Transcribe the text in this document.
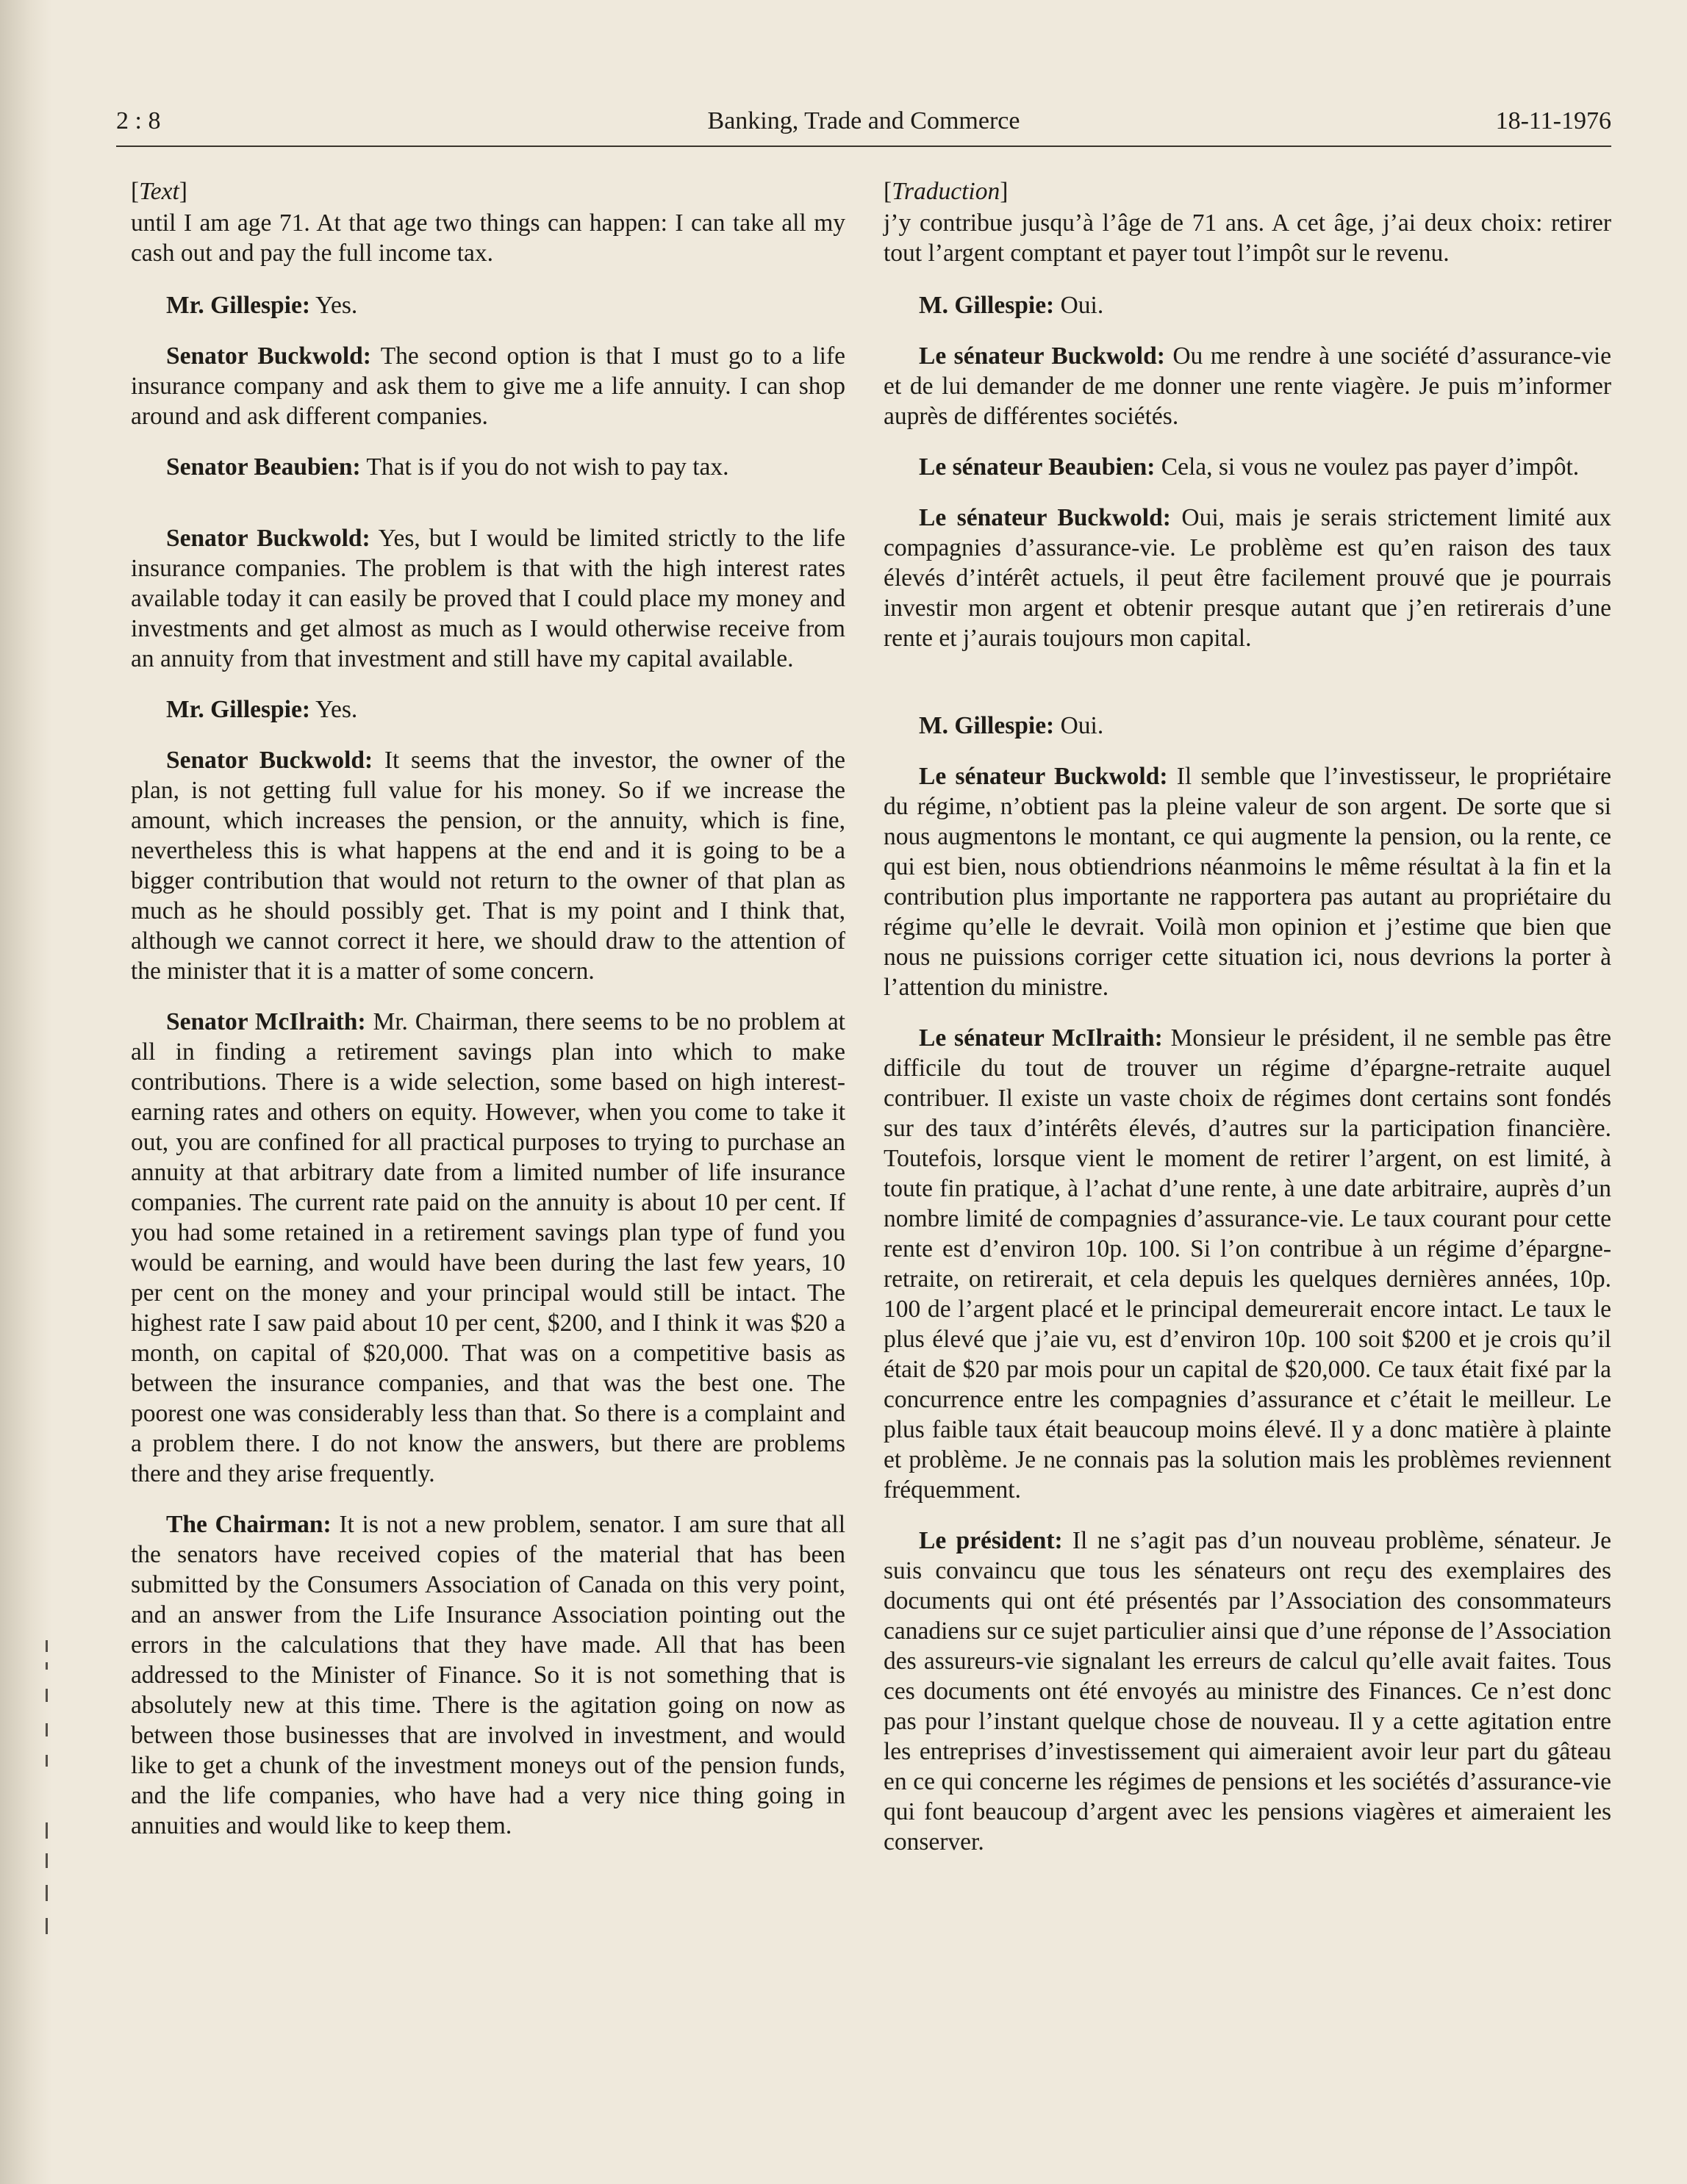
2 : 8	Banking, Trade and Commerce	18-11-1976
[Text]

until I am age 71. At that age two things can happen: I can take all my cash out and pay the full income tax.

Mr. Gillespie: Yes.

Senator Buckwold: The second option is that I must go to a life insurance company and ask them to give me a life annuity. I can shop around and ask different companies.

Senator Beaubien: That is if you do not wish to pay tax.

Senator Buckwold: Yes, but I would be limited strictly to the life insurance companies. The problem is that with the high interest rates available today it can easily be proved that I could place my money and investments and get almost as much as I would otherwise receive from an annuity from that investment and still have my capital available.

Mr. Gillespie: Yes.

Senator Buckwold: It seems that the investor, the owner of the plan, is not getting full value for his money. So if we increase the amount, which increases the pension, or the annuity, which is fine, nevertheless this is what happens at the end and it is going to be a bigger contribution that would not return to the owner of that plan as much as he should possibly get. That is my point and I think that, although we cannot correct it here, we should draw to the attention of the minister that it is a matter of some concern.

Senator McIlraith: Mr. Chairman, there seems to be no problem at all in finding a retirement savings plan into which to make contributions. There is a wide selection, some based on high interest-earning rates and others on equity. However, when you come to take it out, you are confined for all practical purposes to trying to purchase an annuity at that arbitrary date from a limited number of life insurance companies. The current rate paid on the annuity is about 10 per cent. If you had some retained in a retirement savings plan type of fund you would be earning, and would have been during the last few years, 10 per cent on the money and your principal would still be intact. The highest rate I saw paid about 10 per cent, $200, and I think it was $20 a month, on capital of $20,000. That was on a competitive basis as between the insurance companies, and that was the best one. The poorest one was considerably less than that. So there is a complaint and a problem there. I do not know the answers, but there are problems there and they arise frequently.

The Chairman: It is not a new problem, senator. I am sure that all the senators have received copies of the material that has been submitted by the Consumers Association of Canada on this very point, and an answer from the Life Insurance Association pointing out the errors in the calculations that they have made. All that has been addressed to the Minister of Finance. So it is not something that is absolutely new at this time. There is the agitation going on now as between those businesses that are involved in investment, and would like to get a chunk of the investment moneys out of the pension funds, and the life companies, who have had a very nice thing going in annuities and would like to keep them.

[Traduction]

j’y contribue jusqu’à l’âge de 71 ans. A cet âge, j’ai deux choix: retirer tout l’argent comptant et payer tout l’impôt sur le revenu.

M. Gillespie: Oui.

Le sénateur Buckwold: Ou me rendre à une société d’assurance-vie et de lui demander de me donner une rente viagère. Je puis m’informer auprès de différentes sociétés.

Le sénateur Beaubien: Cela, si vous ne voulez pas payer d’impôt.

Le sénateur Buckwold: Oui, mais je serais strictement limité aux compagnies d’assurance-vie. Le problème est qu’en raison des taux élevés d’intérêt actuels, il peut être facilement prouvé que je pourrais investir mon argent et obtenir presque autant que j’en retirerais d’une rente et j’aurais toujours mon capital.

M. Gillespie: Oui.

Le sénateur Buckwold: Il semble que l’investisseur, le propriétaire du régime, n’obtient pas la pleine valeur de son argent. De sorte que si nous augmentons le montant, ce qui augmente la pension, ou la rente, ce qui est bien, nous obtiendrions néanmoins le même résultat à la fin et la contribution plus importante ne rapportera pas autant au propriétaire du régime qu’elle le devrait. Voilà mon opinion et j’estime que bien que nous ne puissions corriger cette situation ici, nous devrions la porter à l’attention du ministre.

Le sénateur McIlraith: Monsieur le président, il ne semble pas être difficile du tout de trouver un régime d’épargne-retraite auquel contribuer. Il existe un vaste choix de régimes dont certains sont fondés sur des taux d’intérêts élevés, d’autres sur la participation financière. Toutefois, lorsque vient le moment de retirer l’argent, on est limité, à toute fin pratique, à l’achat d’une rente, à une date arbitraire, auprès d’un nombre limité de compagnies d’assurance-vie. Le taux courant pour cette rente est d’environ 10p. 100. Si l’on contribue à un régime d’épargne-retraite, on retirerait, et cela depuis les quelques dernières années, 10p. 100 de l’argent placé et le principal demeurerait encore intact. Le taux le plus élevé que j’aie vu, est d’environ 10p. 100 soit $200 et je crois qu’il était de $20 par mois pour un capital de $20,000. Ce taux était fixé par la concurrence entre les compagnies d’assurance et c’était le meilleur. Le plus faible taux était beaucoup moins élevé. Il y a donc matière à plainte et problème. Je ne connais pas la solution mais les problèmes reviennent fréquemment.

Le président: Il ne s’agit pas d’un nouveau problème, sénateur. Je suis convaincu que tous les sénateurs ont reçu des exemplaires des documents qui ont été présentés par l’Association des consommateurs canadiens sur ce sujet particulier ainsi que d’une réponse de l’Association des assureurs-vie signalant les erreurs de calcul qu’elle avait faites. Tous ces documents ont été envoyés au ministre des Finances. Ce n’est donc pas pour l’instant quelque chose de nouveau. Il y a cette agitation entre les entreprises d’investissement qui aimeraient avoir leur part du gâteau en ce qui concerne les régimes de pensions et les sociétés d’assurance-vie qui font beaucoup d’argent avec les pensions viagères et aimeraient les conserver.
